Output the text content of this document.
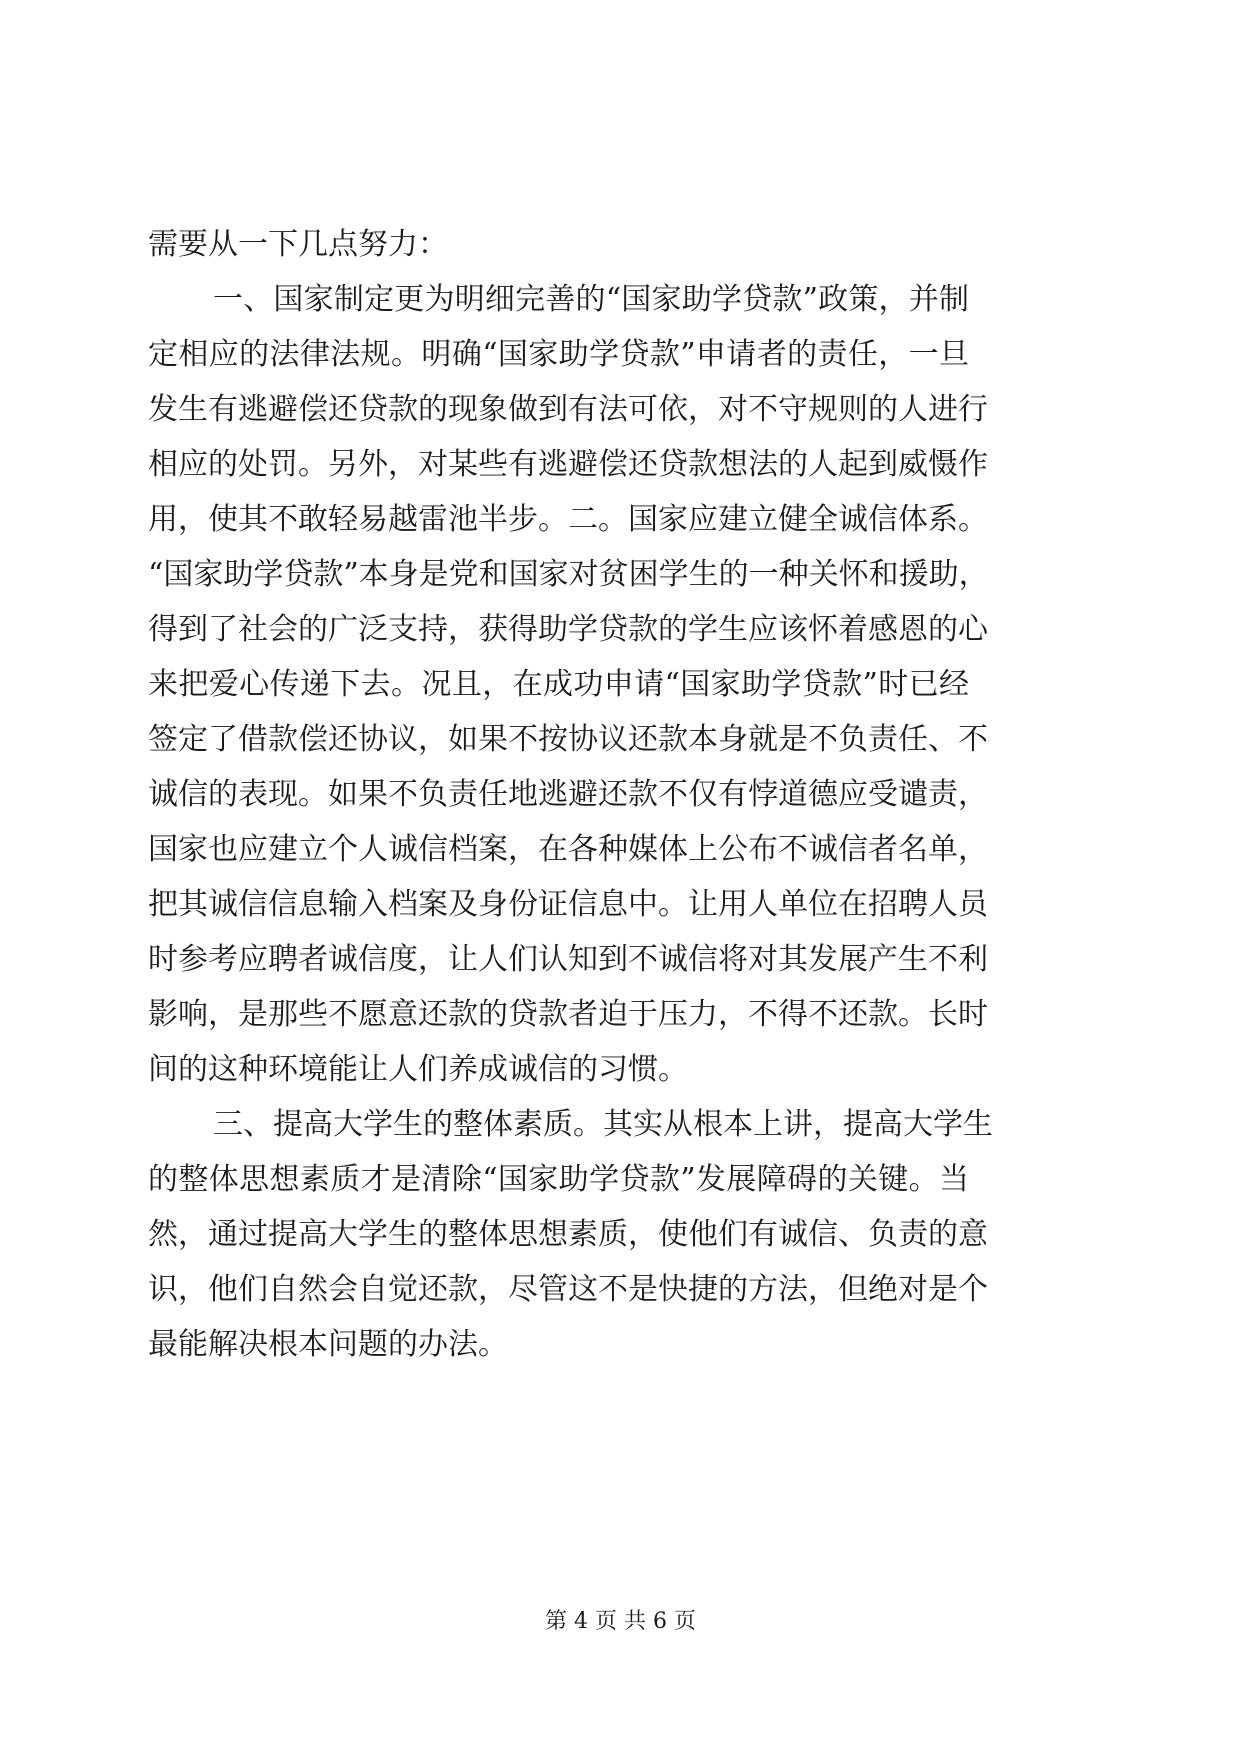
需要从一下几点努力：
一、国家制定更为明细完善的“国家助学贷款”政策，并制
定相应的法律法规。明确“国家助学贷款”申请者的责任，一旦
发生有逃避偿还贷款的现象做到有法可依，对不守规则的人进行
相应的处罚。另外，对某些有逃避偿还贷款想法的人起到威慑作
用，使其不敢轻易越雷池半步。二。国家应建立健全诚信体系。
“国家助学贷款”本身是党和国家对贫困学生的一种关怀和援助，
得到了社会的广泛支持，获得助学贷款的学生应该怀着感恩的心
来把爱心传递下去。况且，在成功申请“国家助学贷款”时已经
签定了借款偿还协议，如果不按协议还款本身就是不负责任、不
诚信的表现。如果不负责任地逃避还款不仅有悖道德应受谴责，
国家也应建立个人诚信档案，在各种媒体上公布不诚信者名单，
把其诚信信息输入档案及身份证信息中。让用人单位在招聘人员
时参考应聘者诚信度，让人们认知到不诚信将对其发展产生不利
影响，是那些不愿意还款的贷款者迫于压力，不得不还款。长时
间的这种环境能让人们养成诚信的习惯。
三、提高大学生的整体素质。其实从根本上讲，提高大学生
的整体思想素质才是清除“国家助学贷款”发展障碍的关键。当
然，通过提高大学生的整体思想素质，使他们有诚信、负责的意
识，他们自然会自觉还款，尽管这不是快捷的方法，但绝对是个
最能解决根本问题的办法。
第 4 页 共 6 页
